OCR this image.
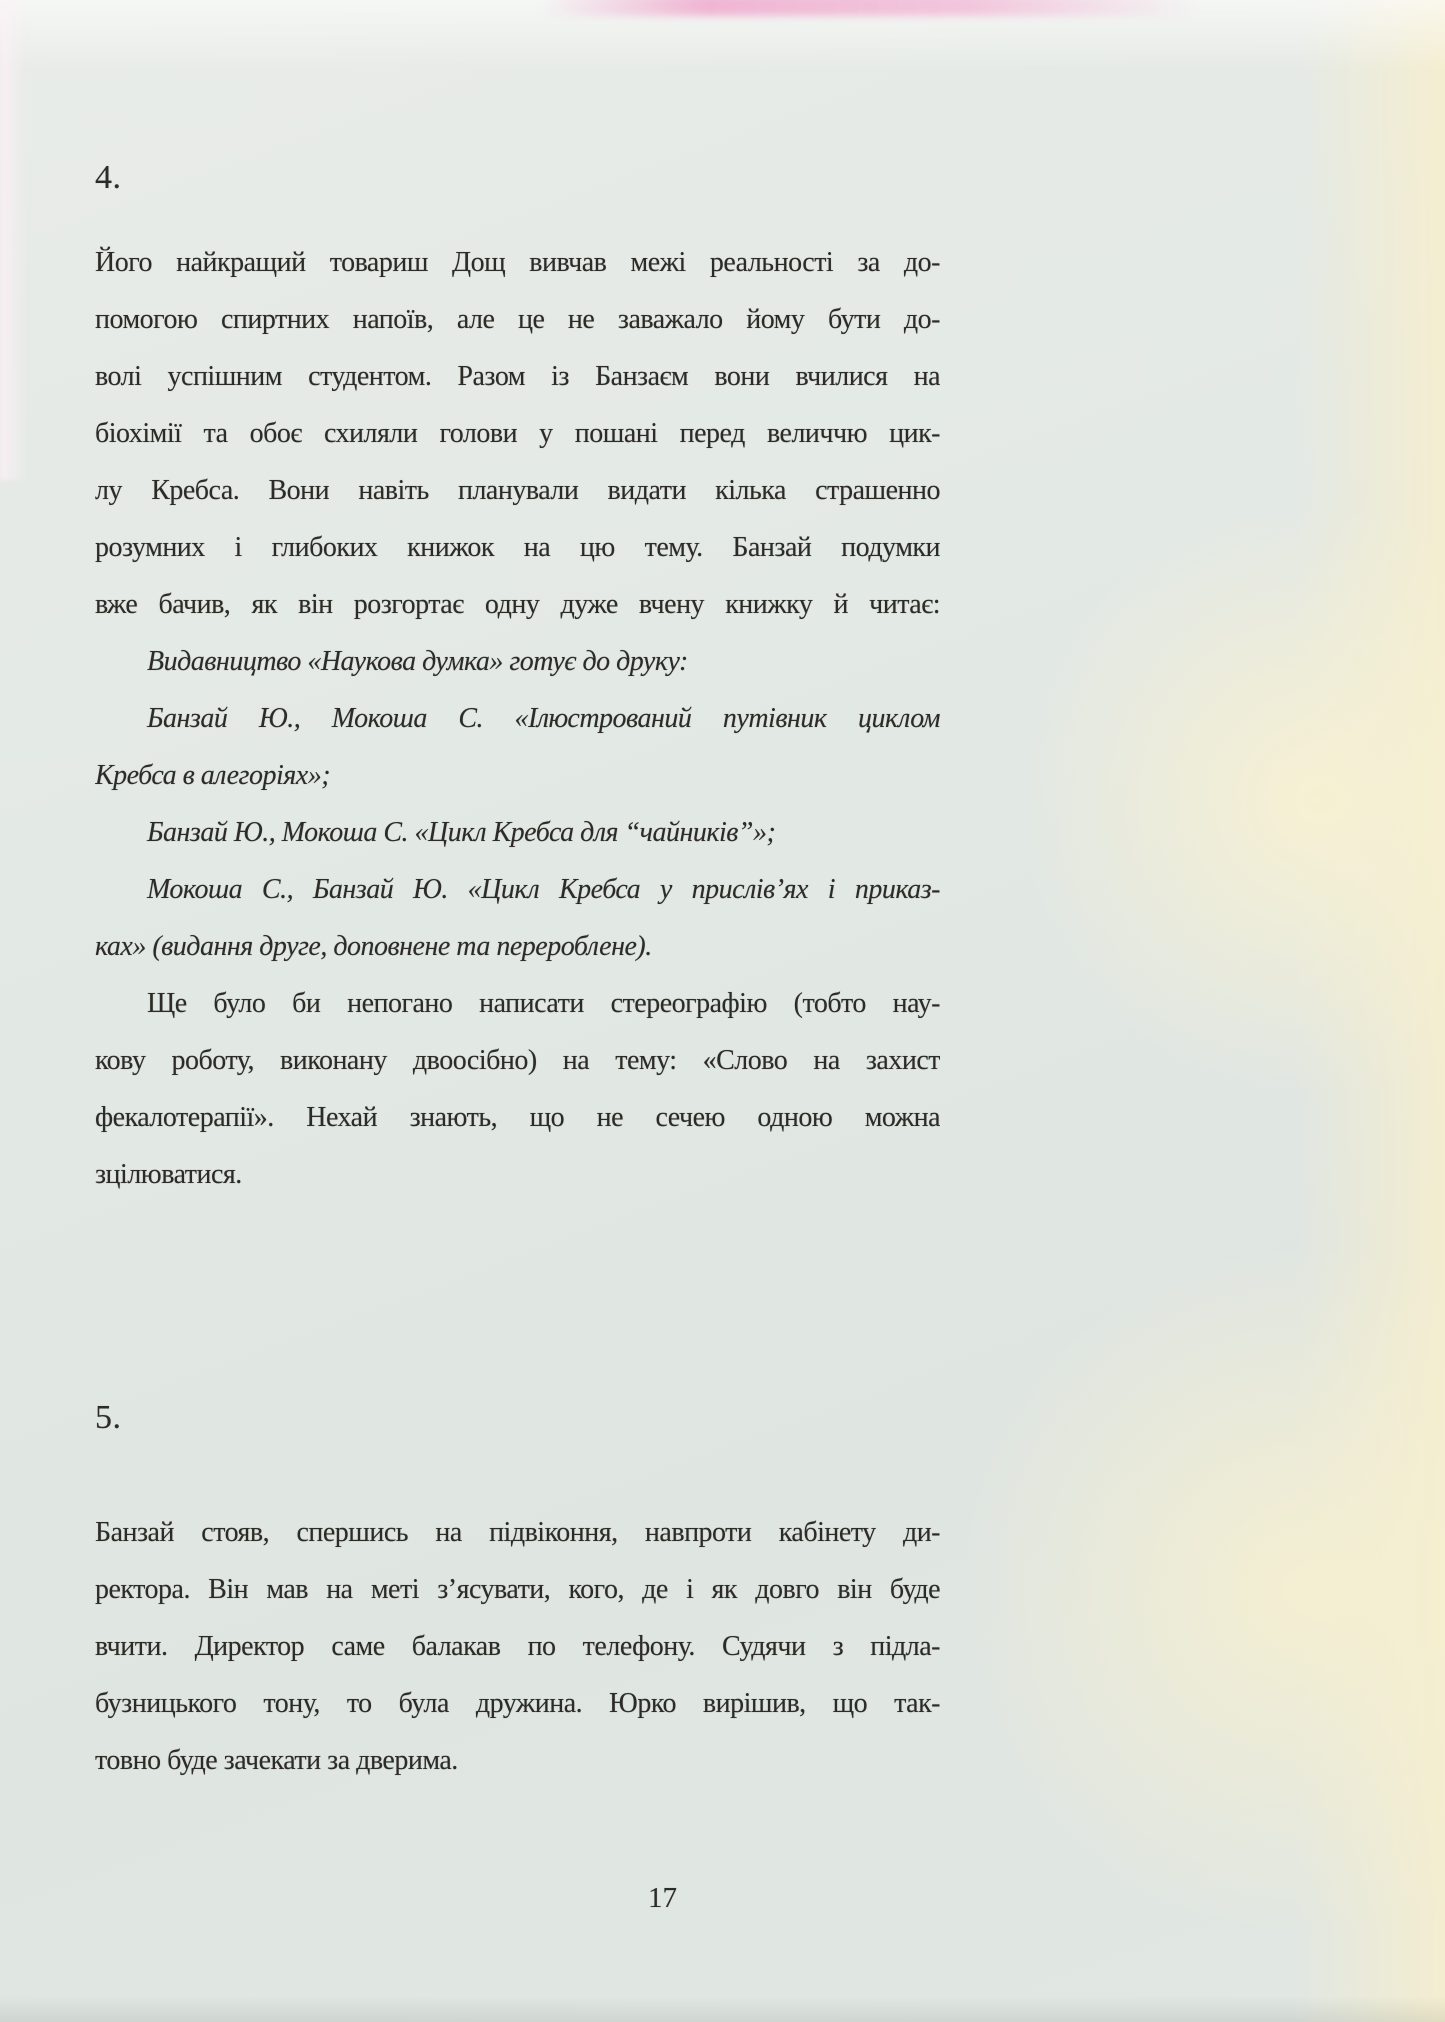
4.
Його найкращий товариш Дощ вивчав межі реальності за до-
помогою спиртних напоїв, але це не заважало йому бути до-
волі успішним студентом. Разом із Банзаєм вони вчилися на
біохімії та обоє схиляли голови у пошані перед величчю цик-
лу Кребса. Вони навіть планували видати кілька страшенно
розумних і глибоких книжок на цю тему. Банзай подумки
вже бачив, як він розгортає одну дуже вчену книжку й читає:
Видавництво «Наукова думка» готує до друку:
Банзай Ю., Мокоша С. «Ілюстрований путівник циклом
Кребса в алегоріях»;
Банзай Ю., Мокоша С. «Цикл Кребса для “чайників”»;
Мокоша С., Банзай Ю. «Цикл Кребса у прислів’ях і приказ-
ках» (видання друге, доповнене та перероблене).
Ще було би непогано написати стереографію (тобто нау-
кову роботу, виконану двоосібно) на тему: «Слово на захист
фекалотерапії». Нехай знають, що не сечею одною можна
зцілюватися.
5.
Банзай стояв, спершись на підвіконня, навпроти кабінету ди-
ректора. Він мав на меті з’ясувати, кого, де і як довго він буде
вчити. Директор саме балакав по телефону. Судячи з підла-
бузницького тону, то була дружина. Юрко вирішив, що так-
товно буде зачекати за дверима.
17
